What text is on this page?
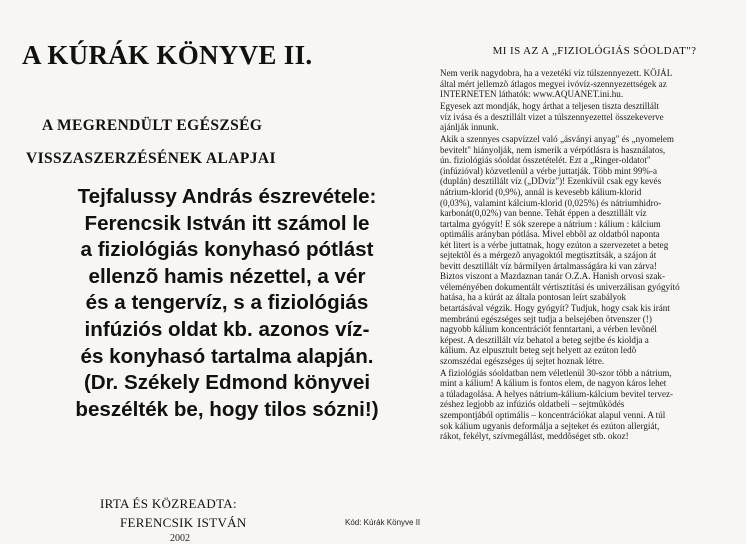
A KÚRÁK KÖNYVE II.
A MEGRENDÜLT EGÉSZSÉG
VISSZASZERZÉSÉNEK ALAPJAI
Tejfalussy András észrevétele:
Ferencsik István itt számol le
a fiziológiás konyhasó pótlást
ellenzõ hamis nézettel, a vér
és a tengervíz, s a fiziológiás
infúziós oldat kb. azonos víz-
és konyhasó tartalma alapján.
(Dr. Székely Edmond könyvei
beszélték be, hogy tilos sózni!)
IRTA ÉS KÖZREADTA:
FERENCSIK ISTVÁN	Kód: Kúrák Könyve II
2002
MI IS AZ A „FIZIOLÓGIÁS SÓOLDAT"?
Nem verik nagydobra, ha a vezetéki víz túlszennyezett. KÖJÁL
által mért jellemzõ átlagos megyei ivóvíz-szennyezettségek az
INTERNETEN láthatók: www.AQUANET.ini.hu.
Egyesek azt mondják, hogy árthat a teljesen tiszta desztillált
víz ivása és a desztillált vizet a túlszennyezettel összekeverve
ajánlják innunk.
Akik a szennyes csapvízzel való „ásványi anyag" és „nyomelem
bevitelt" hiányolják, nem ismerik a vérpótlásra is használatos,
ún. fiziológiás sóoldat összetételét. Ezt a „Ringer-oldatot"
(infúzióval) közvetlenül a vérbe juttatják. Több mint 99%-a
(duplán) desztillált víz („DDvíz")! Ezenkívül csak egy kevés
nátrium-klorid (0,9%), annál is kevesebb kálium-klorid
(0,03%), valamint kálcium-klorid (0,025%) és nátriumhidro-
karbonát(0,02%) van benne. Tehát éppen a desztillált víz
tartalma gyógyít! E sók szerepe a nátrium : kálium : kálcium
optimális arányban pótlása. Mivel ebbõl az oldatból naponta
két litert is a vérbe juttatnak, hogy ezúton a szervezetet a beteg
sejtektõl és a mérgezõ anyagoktól megtisztítsák, a szájon át
bevitt desztillált víz bármilyen ártalmasságára ki van zárva!
Biztos viszont a Mazdaznan tanár O.Z.A. Hanish orvosi szak-
véleményében dokumentált vértisztítási és univerzálisan gyógyító
hatása, ha a kúrát az általa pontosan leírt szabályok
betartásával végzik. Hogy gyógyít? Tudjuk, hogy csak kis iránt
membránú egészséges sejt tudja a belsejében ötvenszer (!)
nagyobb kálium koncentrációt fenntartani, a vérben levõnél
képest. A desztillált víz behatol a beteg sejtbe és kioldja a
kálium. Az elpusztult beteg sejt helyett az ezúton ledõ
szomszédai egészséges új sejtet hoznak létre.
A fiziológiás sóoldatban nem véletlenül 30-szor több a nátrium,
mint a kálium! A kálium is fontos elem, de nagyon káros lehet
a túladagolása. A helyes nátrium-kálium-kálcium bevitel tervez-
zéshez legjobb az infúziós oldatbeli – sejtmûködés
szempontjából optimális – koncentrációkat alapul venni. A túl
sok kálium ugyanis deformálja a sejteket és ezúton allergiát,
rákot, fekélyt, szívmegállást, meddõséget stb. okoz!
